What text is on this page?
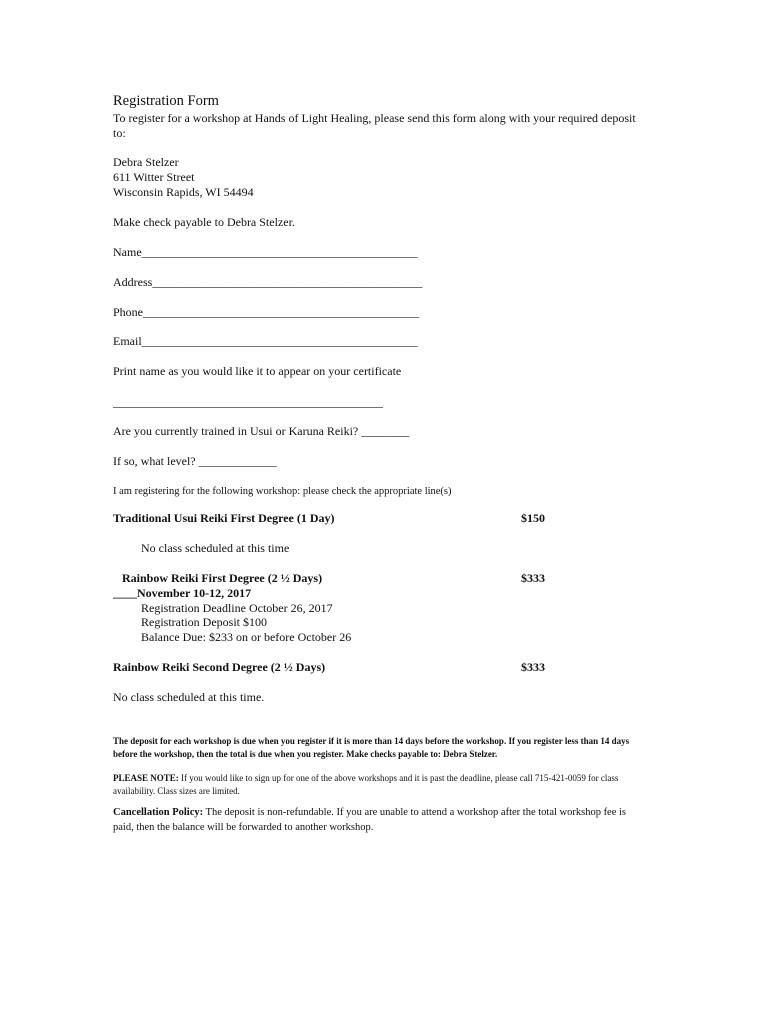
Registration Form
To register for a workshop at Hands of Light Healing, please send this form along with your required deposit to:
Debra Stelzer
611 Witter Street
Wisconsin Rapids, WI 54494
Make check payable to Debra Stelzer.
Name______________________________________________
Address_____________________________________________
Phone______________________________________________
Email______________________________________________
Print name as you would like it to appear on your certificate
_____________________________________________
Are you currently trained in Usui or Karuna Reiki? ________
If so, what level? _____________
I am registering for the following workshop: please check the appropriate line(s)
Traditional Usui Reiki First Degree (1 Day)	$150
No class scheduled at this time
Rainbow Reiki First Degree (2 ½ Days)	$333
____November 10-12, 2017
Registration Deadline October 26, 2017
Registration Deposit $100
Balance Due: $233 on or before October 26
Rainbow Reiki Second Degree (2 ½ Days)	$333
No class scheduled at this time.
The deposit for each workshop is due when you register if it is more than 14 days before the workshop. If you register less than 14 days before the workshop, then the total is due when you register. Make checks payable to: Debra Stelzer.
PLEASE NOTE: If you would like to sign up for one of the above workshops and it is past the deadline, please call 715-421-0059 for class availability. Class sizes are limited.
Cancellation Policy: The deposit is non-refundable. If you are unable to attend a workshop after the total workshop fee is paid, then the balance will be forwarded to another workshop.
